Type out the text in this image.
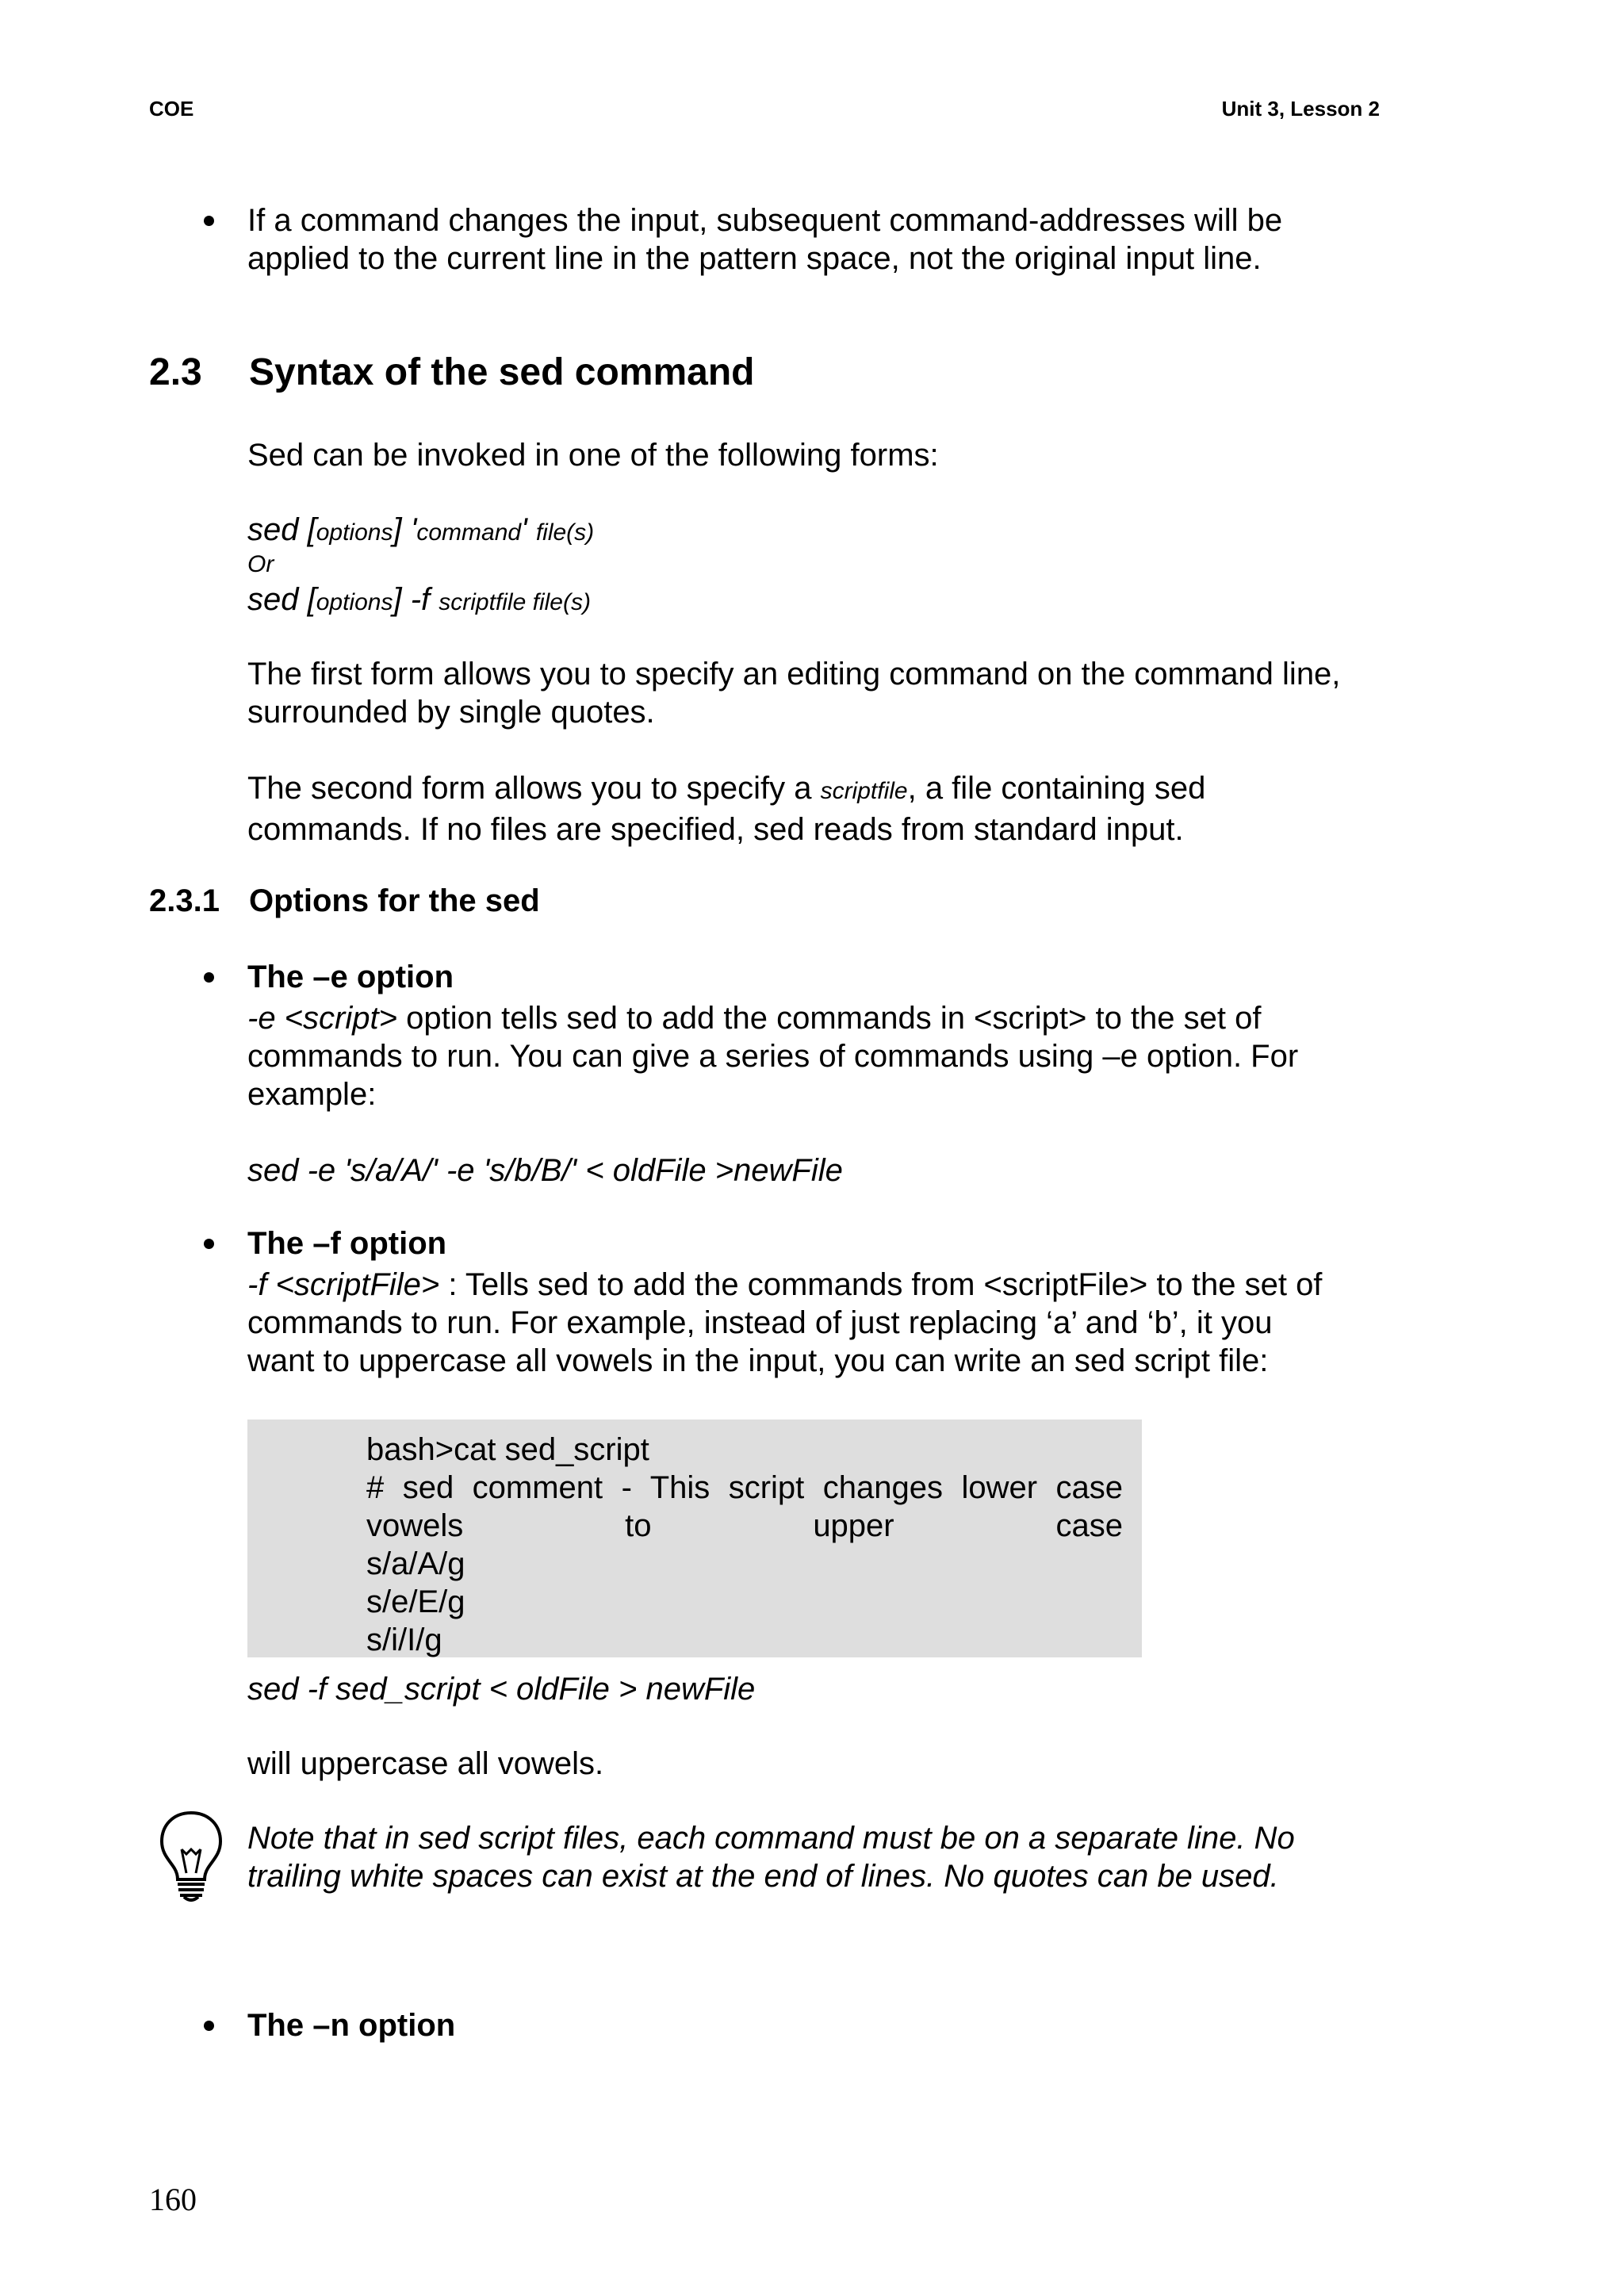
COE	Unit 3, Lesson 2
If a command changes the input, subsequent command-addresses will be
applied to the current line in the pattern space, not the original input line.
2.3 Syntax of the sed command
Sed can be invoked in one of the following forms:
sed [options] 'command' file(s)
Or
sed [options] -f scriptfile file(s)
The first form allows you to specify an editing command on the command line,
surrounded by single quotes.
The second form allows you to specify a scriptfile, a file containing sed
commands. If no files are specified, sed reads from standard input.
2.3.1 Options for the sed
The –e option
-e <script> option tells sed to add the commands in <script> to the set of
commands to run. You can give a series of commands using –e option. For
example:
sed -e 's/a/A/' -e 's/b/B/' < oldFile >newFile
The –f option
-f <scriptFile> : Tells sed to add the commands from <scriptFile> to the set of
commands to run. For example, instead of just replacing ‘a’ and ‘b’, it you
want to uppercase all vowels in the input, you can write an sed script file:
bash>cat sed_script
# sed comment - This script changes lower case
vowels	to	upper	case
s/a/A/g
s/e/E/g
s/i/I/g
sed -f sed_script < oldFile > newFile
will uppercase all vowels.
Note that in sed script files, each command must be on a separate line. No
trailing white spaces can exist at the end of lines. No quotes can be used.
The –n option
160
